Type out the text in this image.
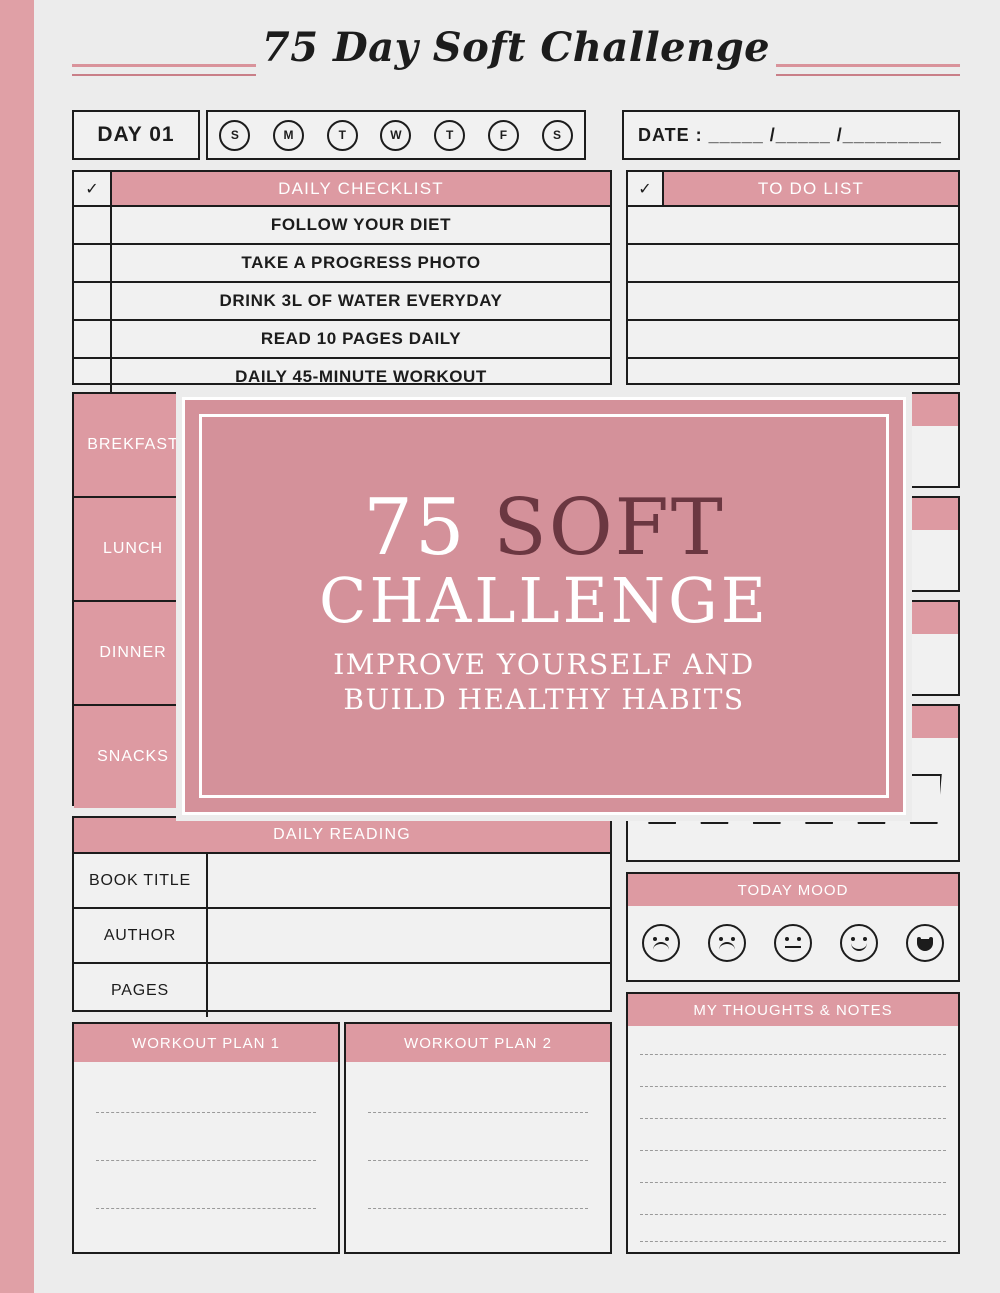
75 Day Soft Challenge
DAY 01	S	M	T	W	T	F	S	DATE : _____ /_____ /_________
✓	DAILY CHECKLIST
FOLLOW YOUR DIET
TAKE A PROGRESS PHOTO
DRINK 3L OF WATER EVERYDAY
READ 10 PAGES DAILY
DAILY 45-MINUTE WORKOUT
✓	TO DO LIST
BREKFAST
LUNCH
DINNER
SNACKS
TODAY MOOD
MY THOUGHTS & NOTES
DAILY READING
BOOK TITLE
AUTHOR
PAGES
WORKOUT PLAN 1	WORKOUT PLAN 2
75 SOFT
CHALLENGE
IMPROVE YOURSELF AND
BUILD HEALTHY HABITS
